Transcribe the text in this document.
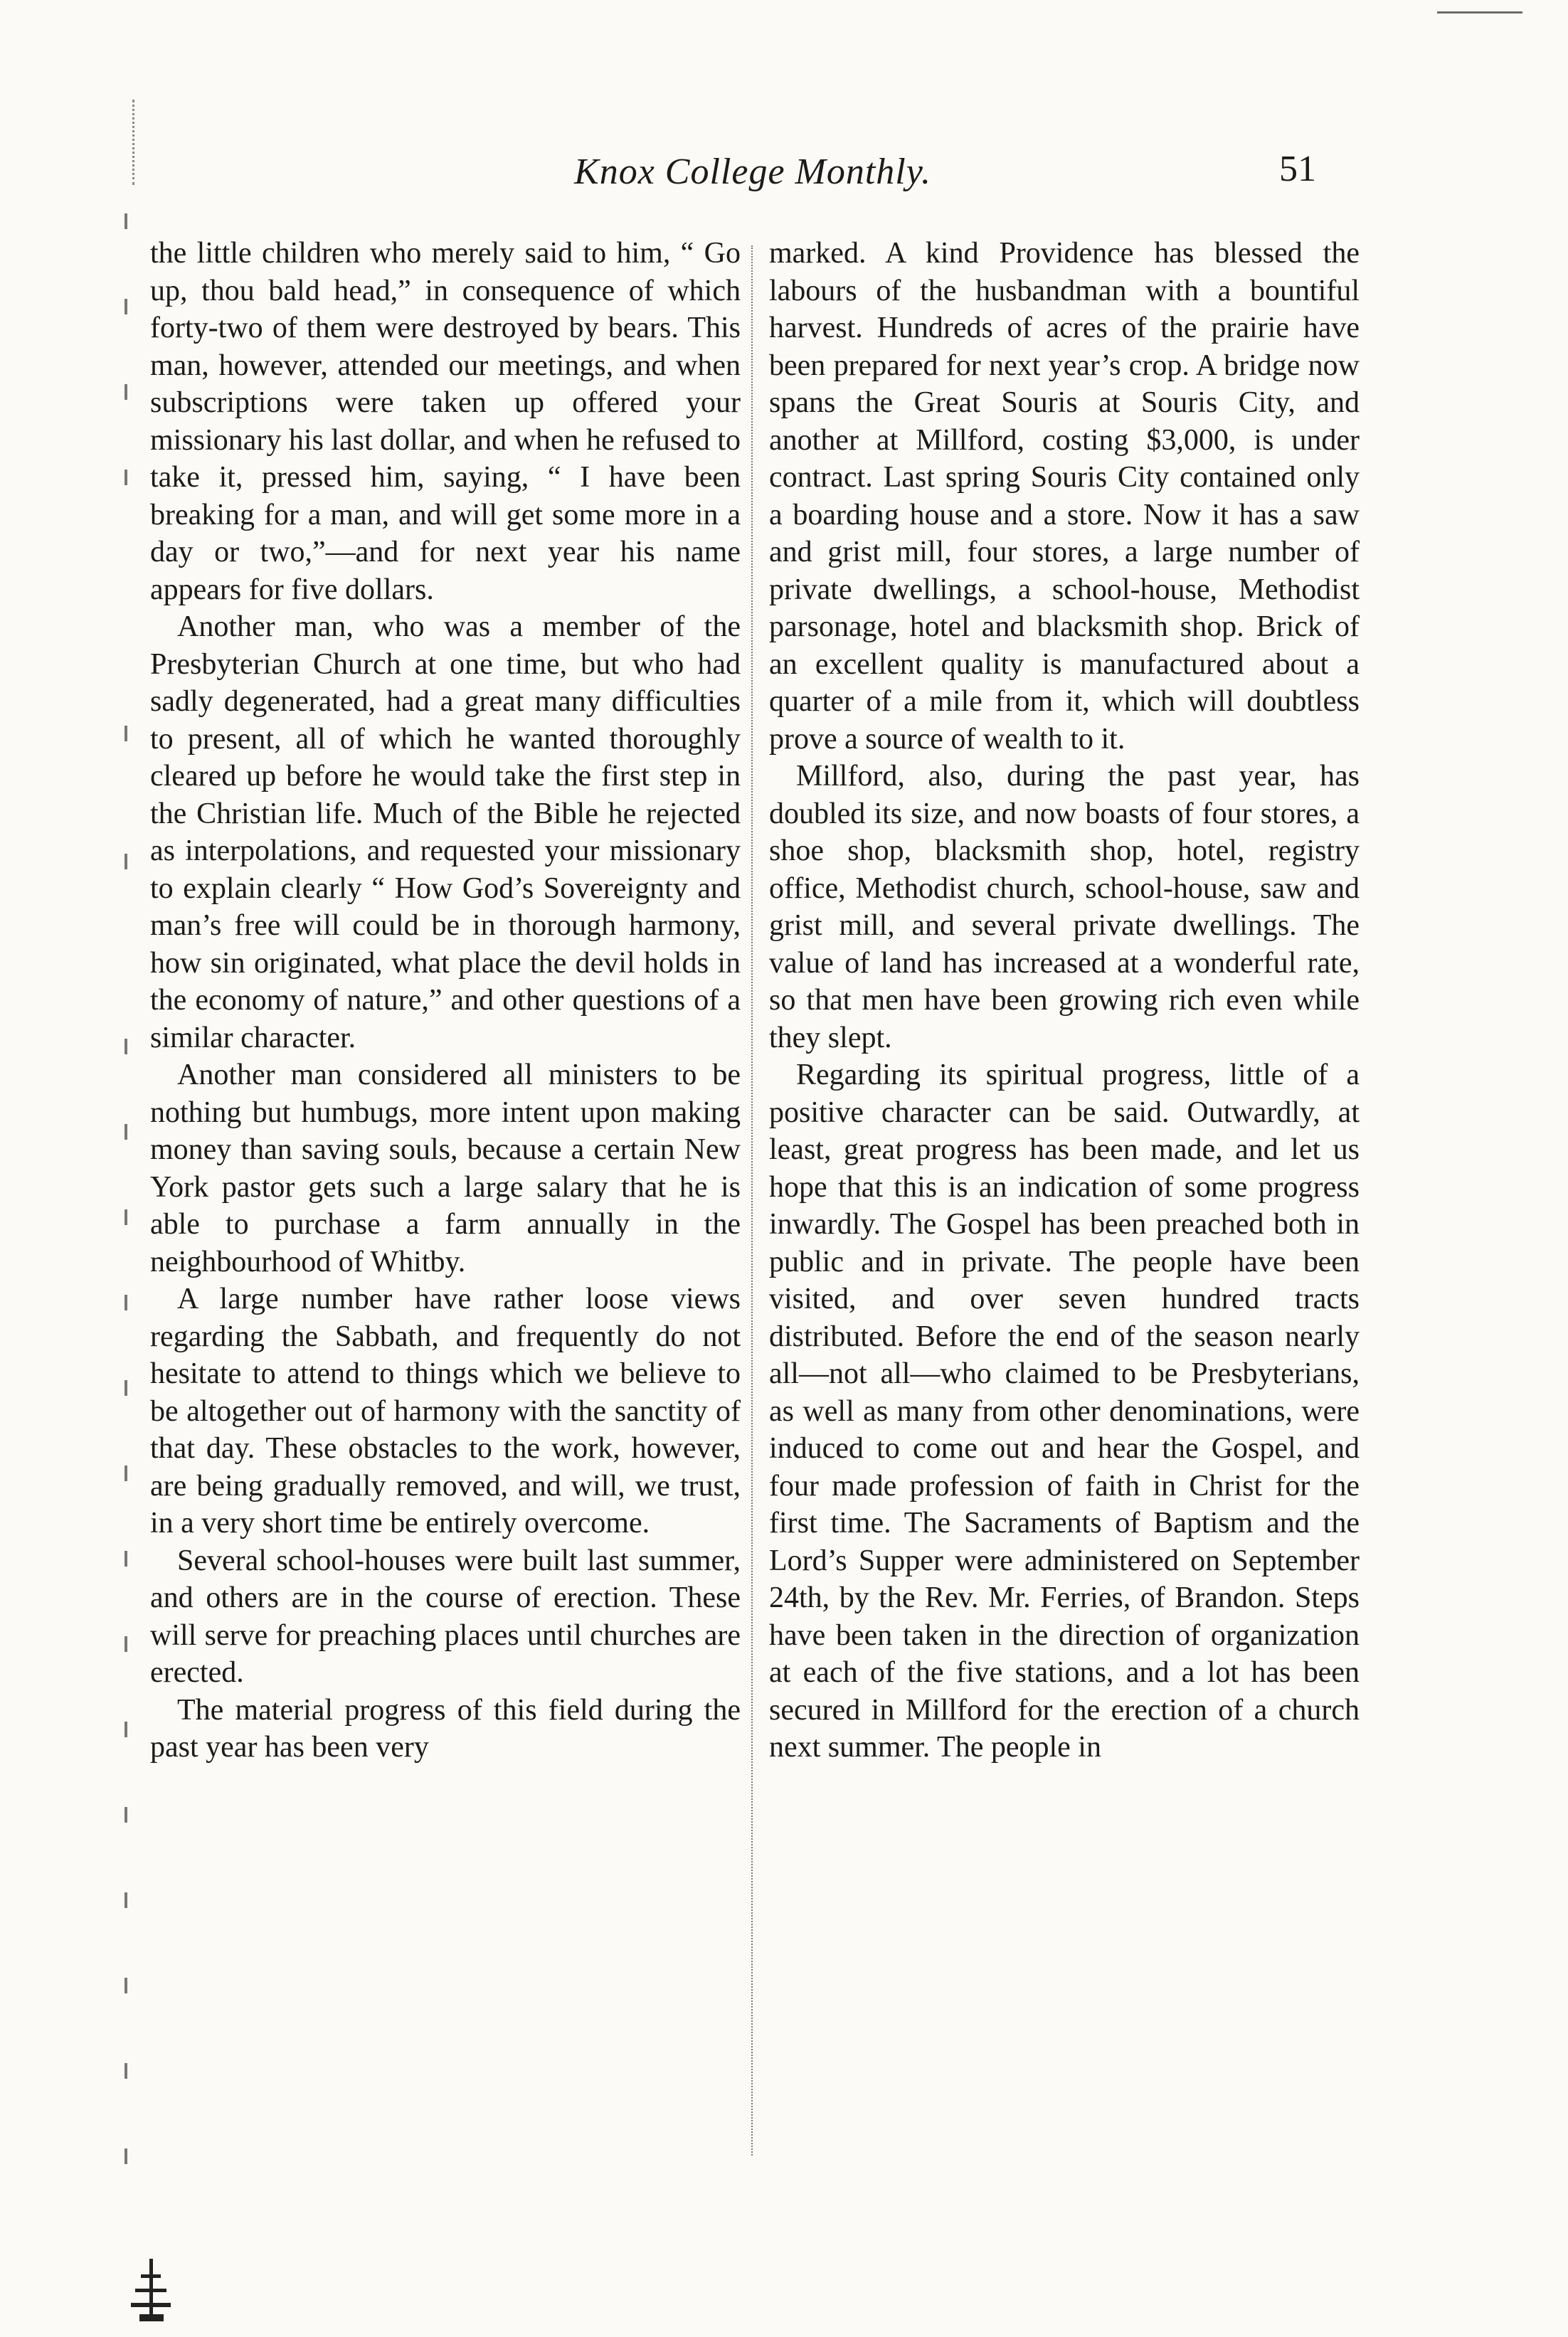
Knox College Monthly.	51

the little children who merely said to him, “ Go up, thou bald head,” in consequence of which forty-two of them were destroyed by bears. This man, however, attended our meetings, and when subscriptions were taken up offered your missionary his last dollar, and when he refused to take it, pressed him, saying, “ I have been breaking for a man, and will get some more in a day or two,”—and for next year his name appears for five dollars.

Another man, who was a member of the Presbyterian Church at one time, but who had sadly degenerated, had a great many difficulties to present, all of which he wanted thoroughly cleared up before he would take the first step in the Christian life. Much of the Bible he rejected as interpolations, and requested your missionary to explain clearly “ How God’s Sovereignty and man’s free will could be in thorough harmony, how sin originated, what place the devil holds in the economy of nature,” and other questions of a similar character.

Another man considered all ministers to be nothing but humbugs, more intent upon making money than saving souls, because a certain New York pastor gets such a large salary that he is able to purchase a farm annually in the neighbourhood of Whitby.

A large number have rather loose views regarding the Sabbath, and frequently do not hesitate to attend to things which we believe to be altogether out of harmony with the sanctity of that day. These obstacles to the work, however, are being gradually removed, and will, we trust, in a very short time be entirely overcome.

Several school-houses were built last summer, and others are in the course of erection. These will serve for preaching places until churches are erected.

The material progress of this field during the past year has been very

marked. A kind Providence has blessed the labours of the husbandman with a bountiful harvest. Hundreds of acres of the prairie have been prepared for next year’s crop. A bridge now spans the Great Souris at Souris City, and another at Millford, costing $3,000, is under contract. Last spring Souris City contained only a boarding house and a store. Now it has a saw and grist mill, four stores, a large number of private dwellings, a school-house, Methodist parsonage, hotel and blacksmith shop. Brick of an excellent quality is manufactured about a quarter of a mile from it, which will doubtless prove a source of wealth to it.

Millford, also, during the past year, has doubled its size, and now boasts of four stores, a shoe shop, blacksmith shop, hotel, registry office, Methodist church, school-house, saw and grist mill, and several private dwellings. The value of land has increased at a wonderful rate, so that men have been growing rich even while they slept.

Regarding its spiritual progress, little of a positive character can be said. Outwardly, at least, great progress has been made, and let us hope that this is an indication of some progress inwardly. The Gospel has been preached both in public and in private. The people have been visited, and over seven hundred tracts distributed. Before the end of the season nearly all—not all—who claimed to be Presbyterians, as well as many from other denominations, were induced to come out and hear the Gospel, and four made profession of faith in Christ for the first time. The Sacraments of Baptism and the Lord’s Supper were administered on September 24th, by the Rev. Mr. Ferries, of Brandon. Steps have been taken in the direction of organization at each of the five stations, and a lot has been secured in Millford for the erection of a church next summer. The people in
